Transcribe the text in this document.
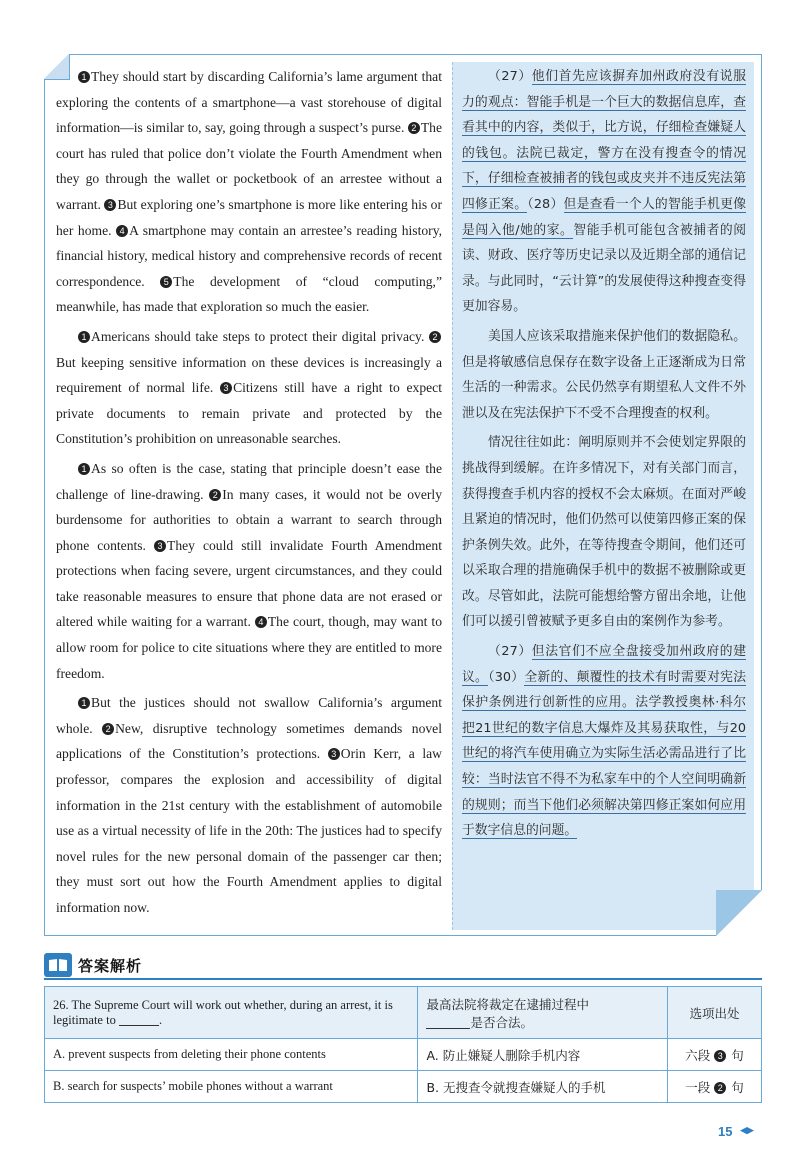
1 They should start by discarding California’s lame argument that exploring the contents of a smartphone—a vast storehouse of digital information—is similar to, say, going through a suspect’s purse. 2 The court has ruled that police don’t violate the Fourth Amendment when they go through the wallet or pocketbook of an arrestee without a warrant. 3 But exploring one’s smartphone is more like entering his or her home. 4 A smartphone may contain an arrestee’s reading history, financial history, medical history and comprehensive records of recent correspondence. 5 The development of “cloud computing,” meanwhile, has made that exploration so much the easier.

1 Americans should take steps to protect their digital privacy. 2But keeping sensitive information on these devices is increasingly a requirement of normal life. 3 Citizens still have a right to expect private documents to remain private and protected by the Constitution’s prohibition on unreasonable searches.

1 As so often is the case, stating that principle doesn’t ease the challenge of line-drawing. 2 In many cases, it would not be overly burdensome for authorities to obtain a warrant to search through phone contents. 3 They could still invalidate Fourth Amendment protections when facing severe, urgent circumstances, and they could take reasonable measures to ensure that phone data are not erased or altered while waiting for a warrant. 4 The court, though, may want to allow room for police to cite situations where they are entitled to more freedom.

1 But the justices should not swallow California’s argument whole. 2 New, disruptive technology sometimes demands novel applications of the Constitution’s protections. 3 Orin Kerr, a law professor, compares the explosion and accessibility of digital information in the 21st century with the establishment of automobile use as a virtual necessity of life in the 20th: The justices had to specify novel rules for the new personal domain of the passenger car then; they must sort out how the Fourth Amendment applies to digital information now.

（27）他们首先应该摒弃加州政府没有说服力的观点：智能手机是一个巨大的数据信息库，查看其中的内容，类似于，比方说，仔细检查嫌疑人的钱包。法院已裁定，警方在没有搜查令的情况下，仔细检查被捕者的钱包或皮夹并不违反宪法第四修正案。（28）但是查看一个人的智能手机更像是闯入他/她的家。智能手机可能包含被捕者的阅读、财政、医疗等历史记录以及近期全部的通信记录。与此同时，“云计算”的发展使得这种搜查变得更加容易。

美国人应该采取措施来保护他们的数据隐私。但是将敏感信息保存在数字设备上正逐渐成为日常生活的一种需求。公民仍然享有期望私人文件不外泄以及在宪法保护下不受不合理搜查的权利。

情况往往如此：阐明原则并不会使划定界限的挑战得到缓解。在许多情况下，对有关部门而言，获得搜查手机内容的授权不会太麻烦。在面对严峻且紧迫的情况时，他们仍然可以使第四修正案的保护条例失效。此外，在等待搜查令期间，他们还可以采取合理的措施确保手机中的数据不被删除或更改。尽管如此，法院可能想给警方留出余地，让他们可以援引曾被赋予更多自由的案例作为参考。

（27）但法官们不应全盘接受加州政府的建议。（30）全新的、颠覆性的技术有时需要对宪法保护条例进行创新性的应用。法学教授奥林·科尔把21世纪的数字信息大爆炸及其易获取性，与20世纪的将汽车使用确立为实际生活必需品进行了比较：当时法官不得不为私家车中的个人空间明确新的规则；而当下他们必须解决第四修正案如何应用于数字信息的问题。

答案解析
26. The Supreme Court will work out whether, during an arrest, it is legitimate to .	最高法院将裁定在逮捕过程中
是否合法。	选项出处
A. prevent suspects from deleting their phone contents	A. 防止嫌疑人删除手机内容	六段 3 句
B. search for suspects’ mobile phones without a warrant	B. 无搜查令就搜查嫌疑人的手机	一段 2 句
15
